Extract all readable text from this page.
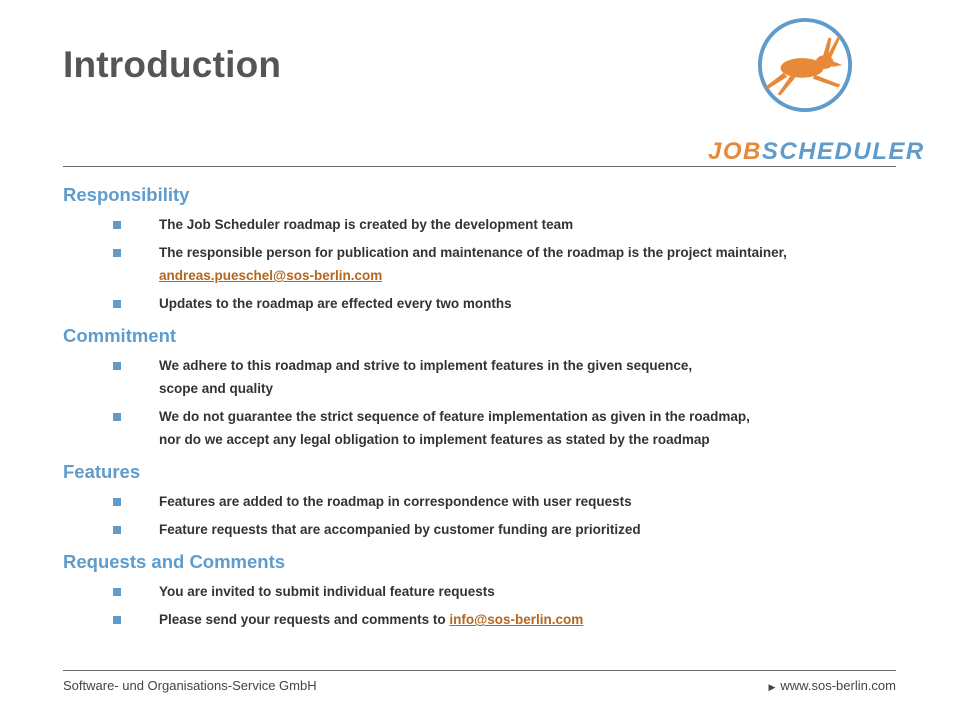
Introduction
JOBSCHEDULER
Responsibility
The Job Scheduler roadmap is created by the development team
The responsible person for publication and maintenance of the roadmap is the project maintainer,
andreas.pueschel@sos-berlin.com
Updates to the roadmap are effected every two months
Commitment
We adhere to this roadmap and strive to implement features in the given sequence,
scope and quality
We do not guarantee the strict sequence of feature implementation as given in the roadmap,
nor do we accept any legal obligation to implement features as stated by the roadmap
Features
Features are added to the roadmap in correspondence with user requests
Feature requests that are accompanied by customer funding are prioritized
Requests and Comments
You are invited to submit individual feature requests
Please send your requests and comments to info@sos-berlin.com
Software- und Organisations-Service GmbH	▶ www.sos-berlin.com
